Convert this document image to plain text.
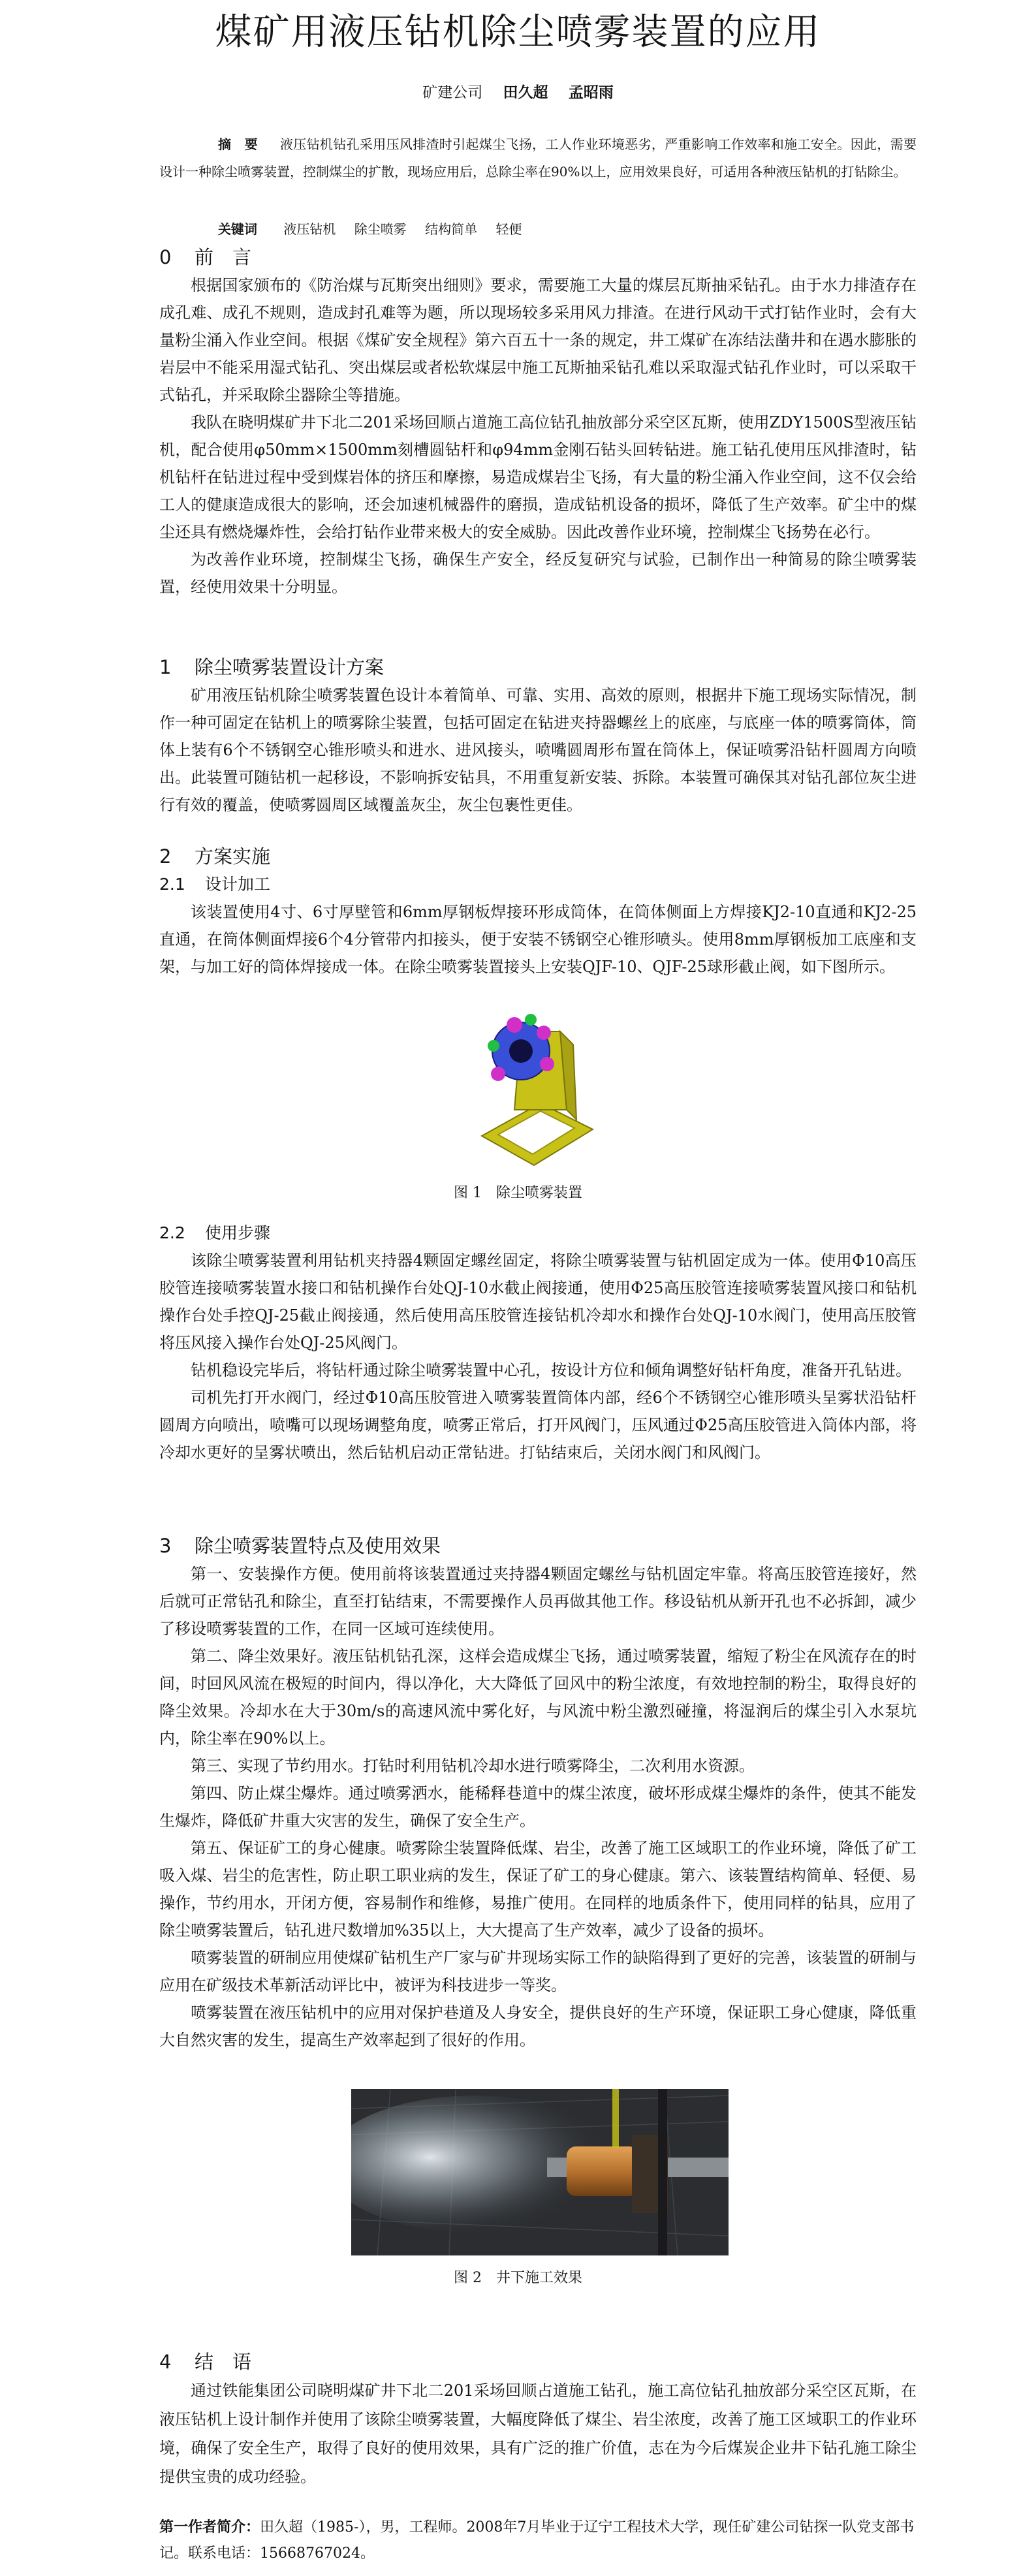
煤矿用液压钻机除尘喷雾装置的应用
矿建公司 田久超 孟昭雨
摘　要 液压钻机钻孔采用压风排渣时引起煤尘飞扬，工人作业环境恶劣，严重影响工作效率和施工安全。因此，需要设计一种除尘喷雾装置，控制煤尘的扩散，现场应用后，总除尘率在90%以上，应用效果良好，可适用各种液压钻机的打钻除尘。
关键词 液压钻机 除尘喷雾 结构简单 轻便
0 前　言

根据国家颁布的《防治煤与瓦斯突出细则》要求，需要施工大量的煤层瓦斯抽采钻孔。由于水力排渣存在成孔难、成孔不规则，造成封孔难等为题，所以现场较多采用风力排渣。在进行风动干式打钻作业时，会有大量粉尘涌入作业空间。根据《煤矿安全规程》第六百五十一条的规定，井工煤矿在冻结法凿井和在遇水膨胀的岩层中不能采用湿式钻孔、突出煤层或者松软煤层中施工瓦斯抽采钻孔难以采取湿式钻孔作业时，可以采取干式钻孔，并采取除尘器除尘等措施。

我队在晓明煤矿井下北二201采场回顺占道施工高位钻孔抽放部分采空区瓦斯，使用ZDY1500S型液压钻机，配合使用φ50mm×1500mm刻槽圆钻杆和φ94mm金刚石钻头回转钻进。施工钻孔使用压风排渣时，钻机钻杆在钻进过程中受到煤岩体的挤压和摩擦，易造成煤岩尘飞扬，有大量的粉尘涌入作业空间，这不仅会给工人的健康造成很大的影响，还会加速机械器件的磨损，造成钻机设备的损坏，降低了生产效率。矿尘中的煤尘还具有燃烧爆炸性，会给打钻作业带来极大的安全威胁。因此改善作业环境，控制煤尘飞扬势在必行。

为改善作业环境，控制煤尘飞扬，确保生产安全，经反复研究与试验，已制作出一种简易的除尘喷雾装置，经使用效果十分明显。

1 除尘喷雾装置设计方案

矿用液压钻机除尘喷雾装置色设计本着简单、可靠、实用、高效的原则，根据井下施工现场实际情况，制作一种可固定在钻机上的喷雾除尘装置，包括可固定在钻进夹持器螺丝上的底座，与底座一体的喷雾筒体，筒体上装有6个不锈钢空心锥形喷头和进水、进风接头，喷嘴圆周形布置在筒体上，保证喷雾沿钻杆圆周方向喷出。此装置可随钻机一起移设，不影响拆安钻具，不用重复新安装、拆除。本装置可确保其对钻孔部位灰尘进行有效的覆盖，使喷雾圆周区域覆盖灰尘，灰尘包裹性更佳。

2 方案实施
2.1 设计加工

该装置使用4寸、6寸厚壁管和6mm厚钢板焊接环形成筒体，在筒体侧面上方焊接KJ2-10直通和KJ2-25直通，在筒体侧面焊接6个4分管带内扣接头，便于安装不锈钢空心锥形喷头。使用8mm厚钢板加工底座和支架，与加工好的筒体焊接成一体。在除尘喷雾装置接头上安装QJF-10、QJF-25球形截止阀，如下图所示。

图 1　除尘喷雾装置
2.2 使用步骤

该除尘喷雾装置利用钻机夹持器4颗固定螺丝固定，将除尘喷雾装置与钻机固定成为一体。使用Φ10高压胶管连接喷雾装置水接口和钻机操作台处QJ-10水截止阀接通，使用Φ25高压胶管连接喷雾装置风接口和钻机操作台处手控QJ-25截止阀接通，然后使用高压胶管连接钻机冷却水和操作台处QJ-10水阀门，使用高压胶管将压风接入操作台处QJ-25风阀门。

钻机稳设完毕后，将钻杆通过除尘喷雾装置中心孔，按设计方位和倾角调整好钻杆角度，准备开孔钻进。

司机先打开水阀门，经过Φ10高压胶管进入喷雾装置筒体内部，经6个不锈钢空心锥形喷头呈雾状沿钻杆圆周方向喷出，喷嘴可以现场调整角度，喷雾正常后，打开风阀门，压风通过Φ25高压胶管进入筒体内部，将冷却水更好的呈雾状喷出，然后钻机启动正常钻进。打钻结束后，关闭水阀门和风阀门。

3 除尘喷雾装置特点及使用效果

第一、安装操作方便。使用前将该装置通过夹持器4颗固定螺丝与钻机固定牢靠。将高压胶管连接好，然后就可正常钻孔和除尘，直至打钻结束，不需要操作人员再做其他工作。移设钻机从新开孔也不必拆卸，减少了移设喷雾装置的工作，在同一区域可连续使用。

第二、降尘效果好。液压钻机钻孔深，这样会造成煤尘飞扬，通过喷雾装置，缩短了粉尘在风流存在的时间，时回风风流在极短的时间内，得以净化，大大降低了回风中的粉尘浓度，有效地控制的粉尘，取得良好的降尘效果。冷却水在大于30m/s的高速风流中雾化好，与风流中粉尘激烈碰撞，将湿润后的煤尘引入水泵坑内，除尘率在90%以上。

第三、实现了节约用水。打钻时利用钻机冷却水进行喷雾降尘，二次利用水资源。

第四、防止煤尘爆炸。通过喷雾洒水，能稀释巷道中的煤尘浓度，破坏形成煤尘爆炸的条件，使其不能发生爆炸，降低矿井重大灾害的发生，确保了安全生产。

第五、保证矿工的身心健康。喷雾除尘装置降低煤、岩尘，改善了施工区域职工的作业环境，降低了矿工吸入煤、岩尘的危害性，防止职工职业病的发生，保证了矿工的身心健康。第六、该装置结构简单、轻便、易操作，节约用水，开闭方便，容易制作和维修，易推广使用。在同样的地质条件下，使用同样的钻具，应用了除尘喷雾装置后，钻孔进尺数增加%35以上，大大提高了生产效率，减少了设备的损坏。

喷雾装置的研制应用使煤矿钻机生产厂家与矿井现场实际工作的缺陷得到了更好的完善，该装置的研制与应用在矿级技术革新活动评比中，被评为科技进步一等奖。

喷雾装置在液压钻机中的应用对保护巷道及人身安全，提供良好的生产环境，保证职工身心健康，降低重大自然灾害的发生，提高生产效率起到了很好的作用。

图 2　井下施工效果
4 结　语

通过铁能集团公司晓明煤矿井下北二201采场回顺占道施工钻孔，施工高位钻孔抽放部分采空区瓦斯，在液压钻机上设计制作并使用了该除尘喷雾装置，大幅度降低了煤尘、岩尘浓度，改善了施工区域职工的作业环境，确保了安全生产，取得了良好的使用效果，具有广泛的推广价值，志在为今后煤炭企业井下钻孔施工除尘提供宝贵的成功经验。

第一作者简介：田久超（1985-），男，工程师。2008年7月毕业于辽宁工程技术大学，现任矿建公司钻探一队党支部书记。联系电话：15668767024。
